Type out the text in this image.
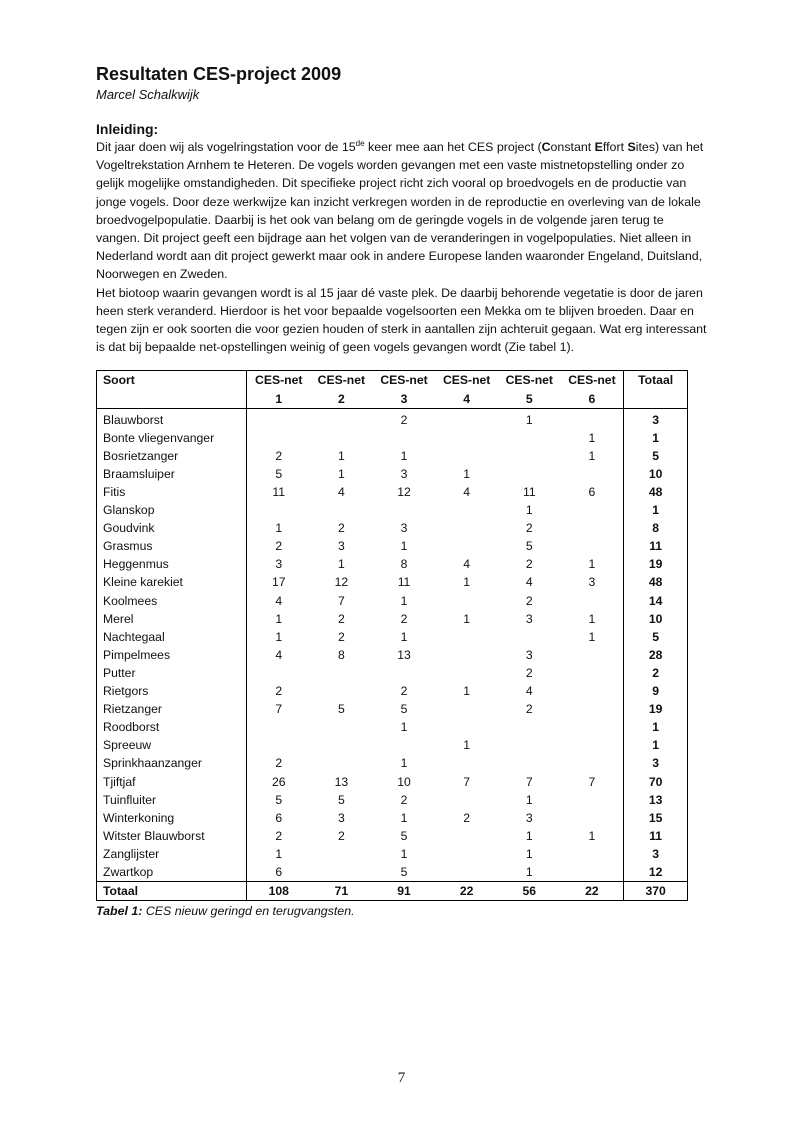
Resultaten CES-project 2009

Marcel Schalkwijk

Inleiding:

Dit jaar doen wij als vogelringstation voor de 15de keer mee aan het CES project (Constant Effort Sites) van het Vogeltrekstation Arnhem te Heteren. De vogels worden gevangen met een vaste mistnetopstelling onder zo gelijk mogelijke omstandigheden. Dit specifieke project richt zich vooral op broedvogels en de productie van jonge vogels. Door deze werkwijze kan inzicht verkregen worden in de reproductie en overleving van de lokale broedvogelpopulatie. Daarbij is het ook van belang om de geringde vogels in de volgende jaren terug te vangen. Dit project geeft een bijdrage aan het volgen van de veranderingen in vogelpopulaties. Niet alleen in Nederland wordt aan dit project gewerkt maar ook in andere Europese landen waaronder Engeland, Duitsland, Noorwegen en Zweden.

Het biotoop waarin gevangen wordt is al 15 jaar dé vaste plek. De daarbij behorende vegetatie is door de jaren heen sterk veranderd. Hierdoor is het voor bepaalde vogelsoorten een Mekka om te blijven broeden. Daar en tegen zijn er ook soorten die voor gezien houden of sterk in aantallen zijn achteruit gegaan. Wat erg interessant is dat bij bepaalde net-opstellingen weinig of geen vogels gevangen wordt (Zie tabel 1).

Soort	CES-net 1	CES-net 2	CES-net 3	CES-net 4	CES-net 5	CES-net 6	Totaal
Blauwborst			2		1		3
Bonte vliegenvanger						1	1
Bosrietzanger	2	1	1			1	5
Braamsluiper	5	1	3	1			10
Fitis	11	4	12	4	11	6	48
Glanskop					1		1
Goudvink	1	2	3		2		8
Grasmus	2	3	1		5		11
Heggenmus	3	1	8	4	2	1	19
Kleine karekiet	17	12	11	1	4	3	48
Koolmees	4	7	1		2		14
Merel	1	2	2	1	3	1	10
Nachtegaal	1	2	1			1	5
Pimpelmees	4	8	13		3		28
Putter					2		2
Rietgors	2		2	1	4		9
Rietzanger	7	5	5		2		19
Roodborst			1				1
Spreeuw				1			1
Sprinkhaanzanger	2		1				3
Tjiftjaf	26	13	10	7	7	7	70
Tuinfluiter	5	5	2		1		13
Winterkoning	6	3	1	2	3		15
Witster Blauwborst	2	2	5		1	1	11
Zanglijster	1		1		1		3
Zwartkop	6		5		1		12
Totaal	108	71	91	22	56	22	370

Tabel 1: CES nieuw geringd en terugvangsten.

7
